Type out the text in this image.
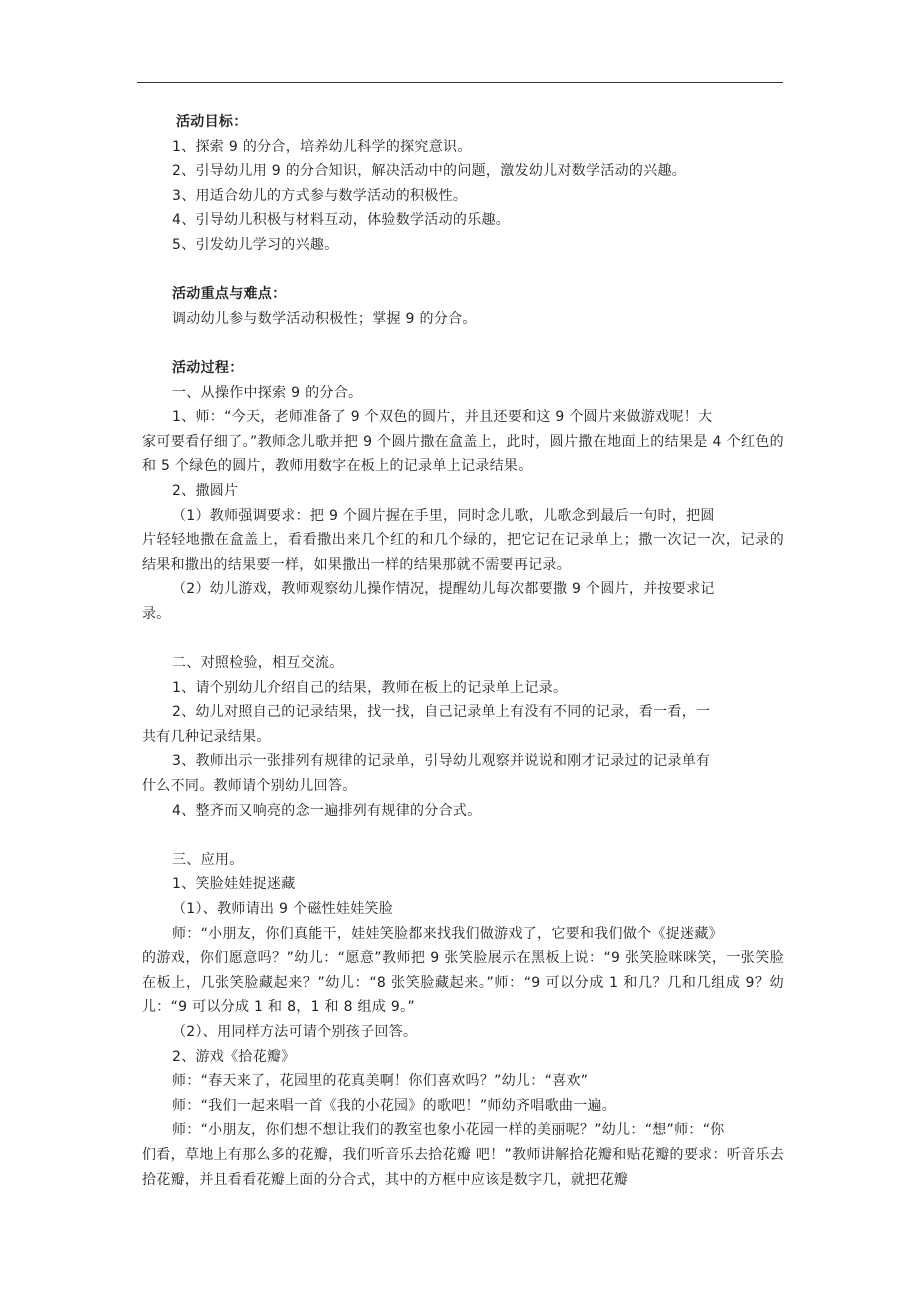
活动目标：

1、探索 9 的分合，培养幼儿科学的探究意识。

2、引导幼儿用 9 的分合知识，解决活动中的问题，激发幼儿对数学活动的兴趣。

3、用适合幼儿的方式参与数学活动的积极性。

4、引导幼儿积极与材料互动，体验数学活动的乐趣。

5、引发幼儿学习的兴趣。

活动重点与难点：

调动幼儿参与数学活动积极性；掌握 9 的分合。

活动过程：

一、从操作中探索 9 的分合。

1、师：“今天，老师准备了 9 个双色的圆片，并且还要和这 9 个圆片来做游戏呢！大

家可要看仔细了。”教师念儿歌并把 9 个圆片撒在盒盖上，此时，圆片撒在地面上的结果是 4 个红色的和 5 个绿色的圆片，教师用数字在板上的记录单上记录结果。

2、撒圆片

（1）教师强调要求：把 9 个圆片握在手里，同时念儿歌，儿歌念到最后一句时，把圆

片轻轻地撒在盒盖上，看看撒出来几个红的和几个绿的，把它记在记录单上；撒一次记一次，记录的结果和撒出的结果要一样，如果撒出一样的结果那就不需要再记录。

（2）幼儿游戏，教师观察幼儿操作情况，提醒幼儿每次都要撒 9 个圆片，并按要求记

录。

二、对照检验，相互交流。

1、请个别幼儿介绍自己的结果，教师在板上的记录单上记录。

2、幼儿对照自己的记录结果，找一找，自己记录单上有没有不同的记录，看一看，一

共有几种记录结果。

3、教师出示一张排列有规律的记录单，引导幼儿观察并说说和刚才记录过的记录单有

什么不同。教师请个别幼儿回答。

4、整齐而又响亮的念一遍排列有规律的分合式。

三、应用。

1、笑脸娃娃捉迷藏

（1）、教师请出 9 个磁性娃娃笑脸

师：“小朋友，你们真能干，娃娃笑脸都来找我们做游戏了，它要和我们做个《捉迷藏》

的游戏，你们愿意吗？”幼儿：“愿意”教师把 9 张笑脸展示在黑板上说：“9 张笑脸咪咪笑，一张笑脸在板上，几张笑脸藏起来？”幼儿：“8 张笑脸藏起来。”师：“9 可以分成 1 和几？几和几组成 9？幼儿：“9 可以分成 1 和 8，1 和 8 组成 9。”

（2）、用同样方法可请个别孩子回答。

2、游戏《拾花瓣》

师：“春天来了，花园里的花真美啊！你们喜欢吗？”幼儿：“喜欢”

师：“我们一起来唱一首《我的小花园》的歌吧！”师幼齐唱歌曲一遍。

师：“小朋友，你们想不想让我们的教室也象小花园一样的美丽呢？”幼儿：“想”师：“你

们看，草地上有那么多的花瓣，我们听音乐去拾花瓣 吧！”教师讲解拾花瓣和贴花瓣的要求：听音乐去拾花瓣，并且看看花瓣上面的分合式，其中的方框中应该是数字几，就把花瓣
